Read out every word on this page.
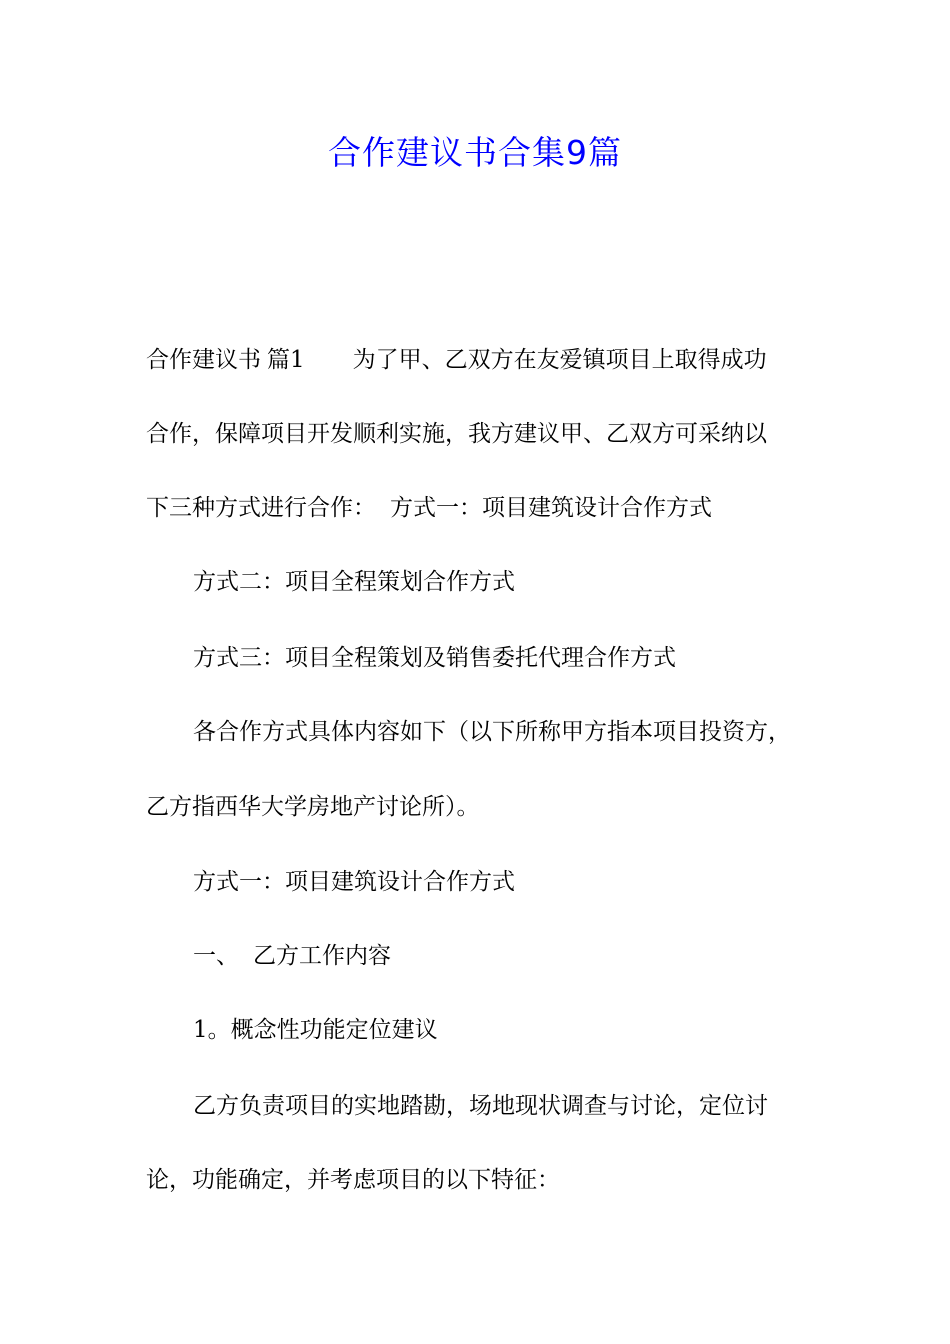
合作建议书合集9篇
合作建议书 篇1 为了甲、乙双方在友爱镇项目上取得成功
合作，保障项目开发顺利实施，我方建议甲、乙双方可采纳以
下三种方式进行合作： 方式一：项目建筑设计合作方式
方式二：项目全程策划合作方式
方式三：项目全程策划及销售委托代理合作方式
各合作方式具体内容如下（以下所称甲方指本项目投资方，
乙方指西华大学房地产讨论所）。
方式一：项目建筑设计合作方式
一、 乙方工作内容
1。概念性功能定位建议
乙方负责项目的实地踏勘，场地现状调查与讨论，定位讨
论，功能确定，并考虑项目的以下特征：
